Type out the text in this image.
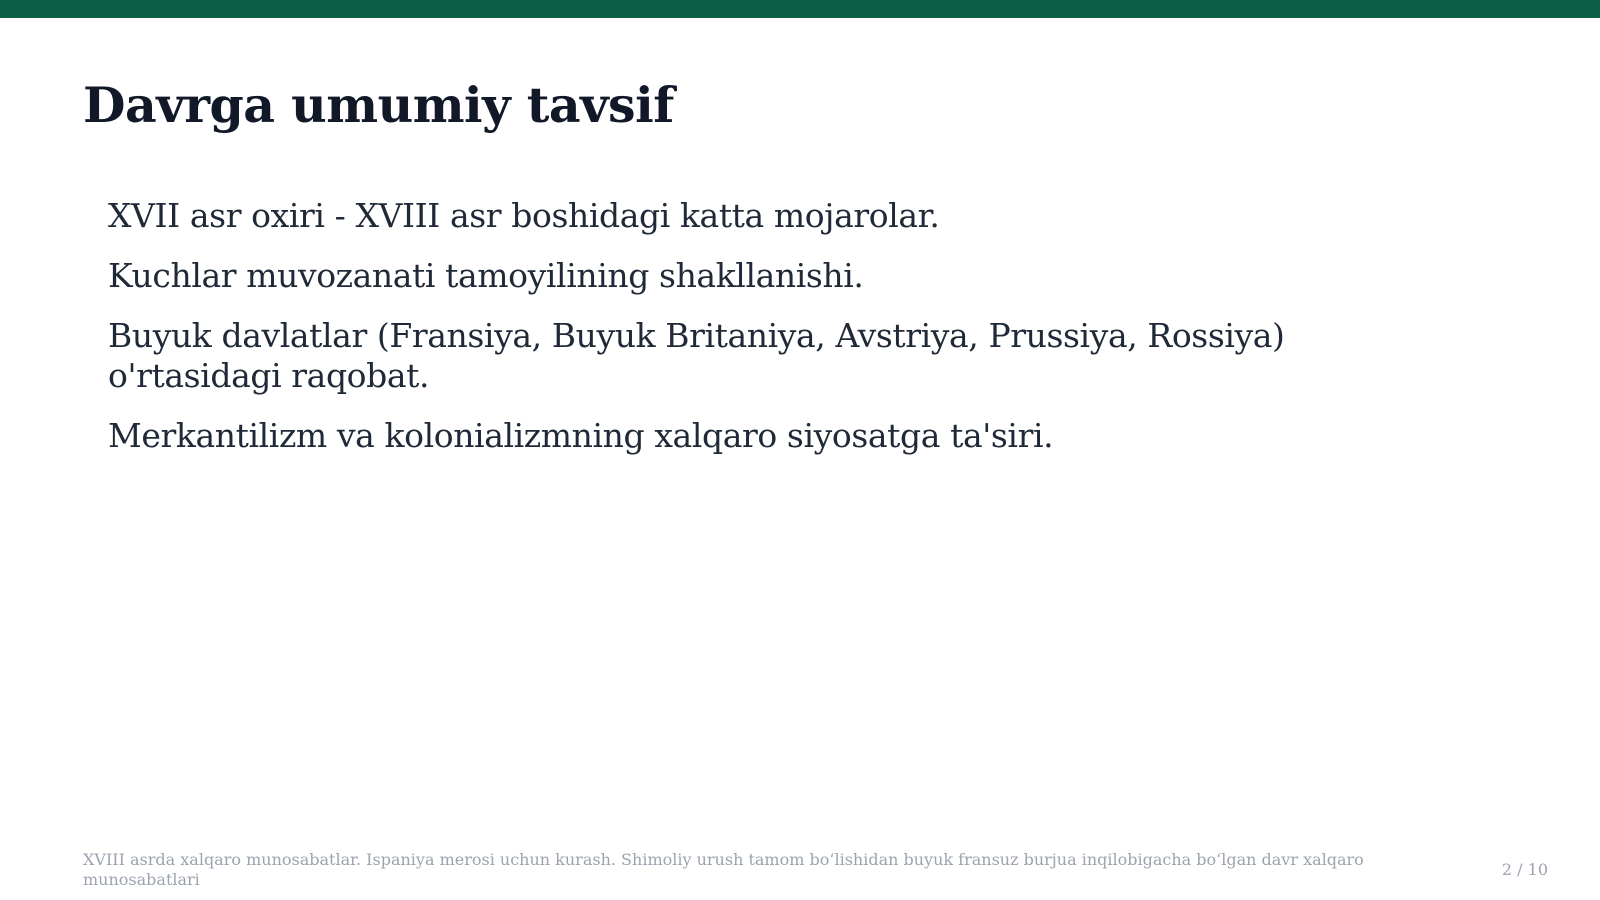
Davrga umumiy tavsif
XVII asr oxiri - XVIII asr boshidagi katta mojarolar.
Kuchlar muvozanati tamoyilining shakllanishi.
Buyuk davlatlar (Fransiya, Buyuk Britaniya, Avstriya, Prussiya, Rossiya) o'rtasidagi raqobat.
Merkantilizm va kolonializmning xalqaro siyosatga ta'siri.
XVIII asrda xalqaro munosabatlar. Ispaniya merosi uchun kurash. Shimoliy urush tamom bo‘lishidan buyuk fransuz burjua inqilobigacha bo‘lgan davr xalqaro munosabatlari
2 / 10
